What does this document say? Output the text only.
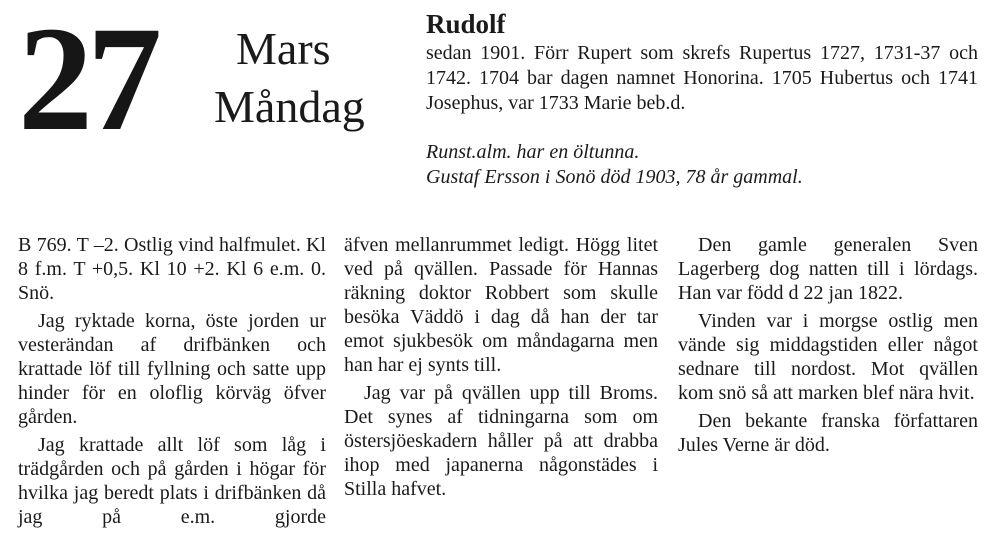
27 Mars
Måndag
Rudolf
sedan 1901. Förr Rupert som skrefs Rupertus 1727, 1731-37 och 1742. 1704 bar dagen namnet Honorina. 1705 Hubertus och 1741 Josephus, var 1733 Marie beb.d.
Runst.alm. har en öltunna.
Gustaf Ersson i Sonö död 1903, 78 år gammal.

B 769. T –2. Ostlig vind halfmulet. Kl 8 f.m. T +0,5. Kl 10 +2. Kl 6 e.m. 0. Snö.

Jag ryktade korna, öste jorden ur vesterändan af drifbänken och krattade löf till fyllning och satte upp hinder för en oloflig körväg öfver gården.

Jag krattade allt löf som låg i trädgården och på gården i högar för hvilka jag beredt plats i drifbänken då jag på e.m. gjorde

äfven mellanrummet ledigt. Högg litet ved på qvällen. Passade för Hannas räkning doktor Robbert som skulle besöka Väddö i dag då han der tar emot sjukbesök om måndagarna men han har ej synts till.

Jag var på qvällen upp till Broms. Det synes af tidningarna som om östersjöeskadern håller på att drabba ihop med japanerna någonstädes i Stilla hafvet.

Den gamle generalen Sven Lagerberg dog natten till i lördags. Han var född d 22 jan 1822.

Vinden var i morgse ostlig men vände sig middagstiden eller något sednare till nordost. Mot qvällen kom snö så att marken blef nära hvit.

Den bekante franska författaren Jules Verne är död.
